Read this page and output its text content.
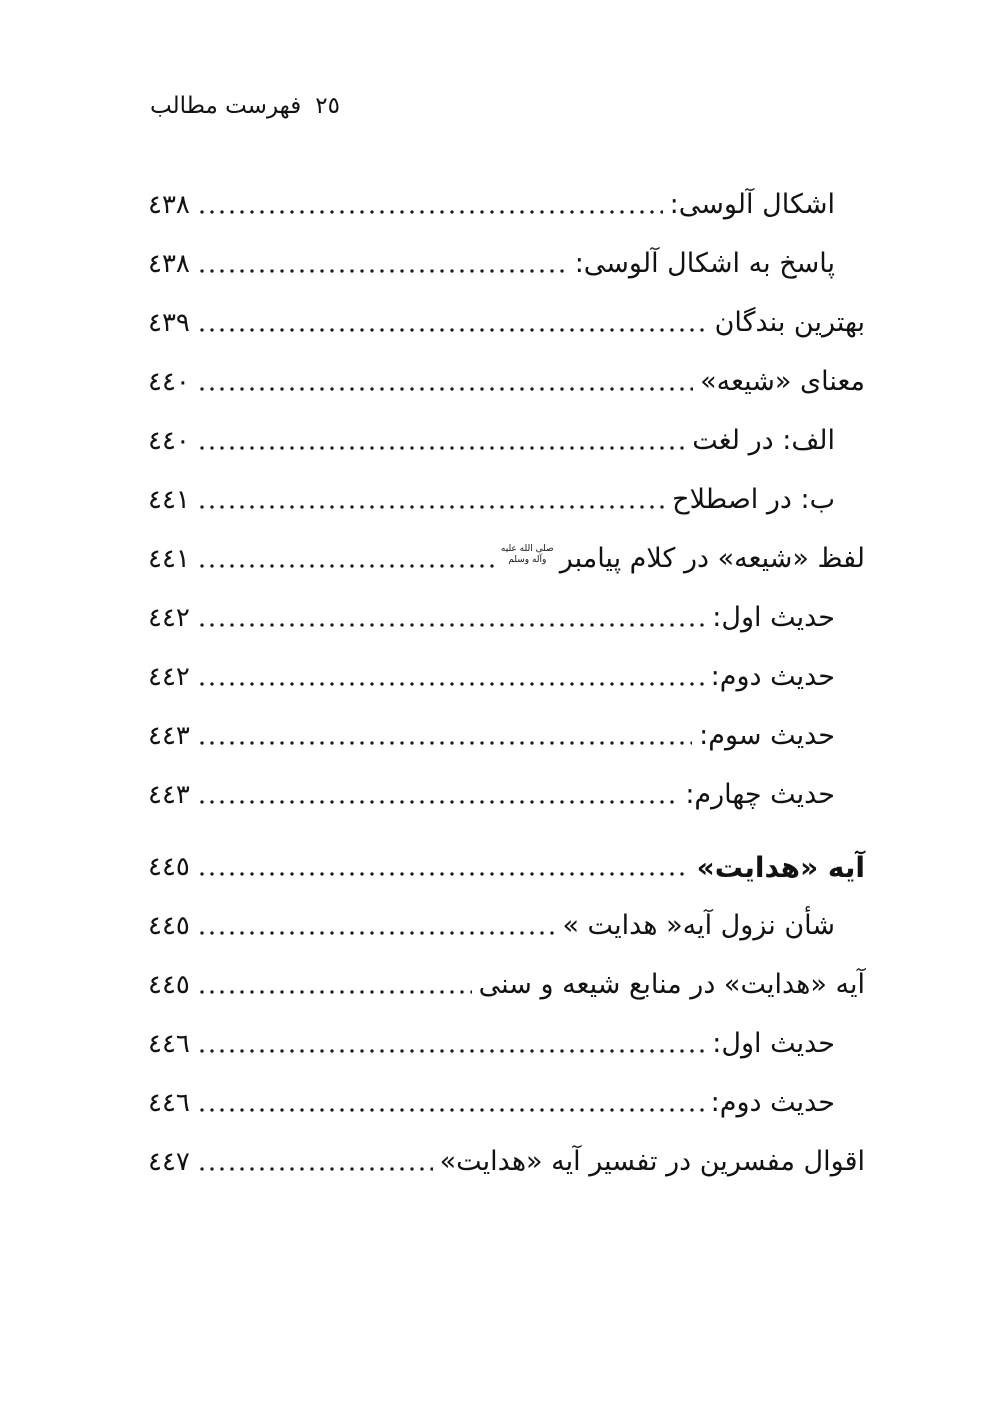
فهرست مطالب ٢٥
اشکال آلوسی:
٤٣٨
پاسخ به اشکال آلوسی:
٤٣٨
بهترین بندگان
٤٣٩
معنای «شیعه»
٤٤٠
الف: در لغت
٤٤٠
ب: در اصطلاح
٤٤١
لفظ «شیعه» در کلام پیامبر
صلى الله عليه
وآله وسلم
٤٤١
حدیث اول:
٤٤٢
حدیث دوم:
٤٤٢
حدیث سوم:
٤٤٣
حدیث چهارم:
٤٤٣
آیه «هدایت»
٤٤٥
شأن نزول آیه« هدایت »
٤٤٥
آیه «هدایت» در منابع شیعه و سنی
٤٤٥
حدیث اول:
٤٤٦
حدیث دوم:
٤٤٦
اقوال مفسرین در تفسیر آیه «هدایت»
٤٤٧
